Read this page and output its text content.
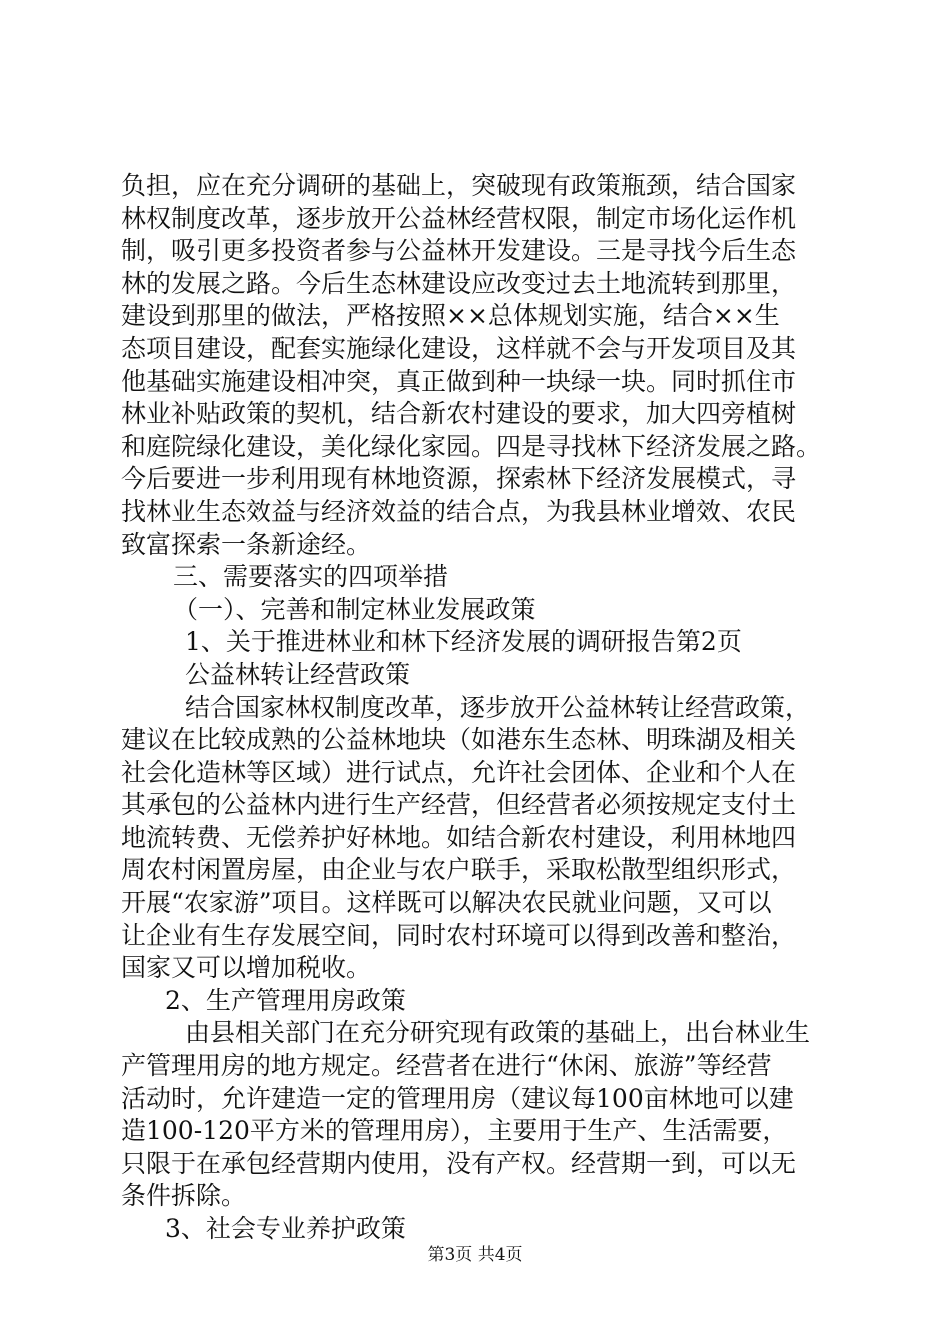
负担，应在充分调研的基础上，突破现有政策瓶颈，结合国家
林权制度改革，逐步放开公益林经营权限，制定市场化运作机
制，吸引更多投资者参与公益林开发建设。三是寻找今后生态
林的发展之路。今后生态林建设应改变过去土地流转到那里，
建设到那里的做法，严格按照××总体规划实施，结合××生
态项目建设，配套实施绿化建设，这样就不会与开发项目及其
他基础实施建设相冲突，真正做到种一块绿一块。同时抓住市
林业补贴政策的契机，结合新农村建设的要求，加大四旁植树
和庭院绿化建设，美化绿化家园。四是寻找林下经济发展之路。
今后要进一步利用现有林地资源，探索林下经济发展模式，寻
找林业生态效益与经济效益的结合点，为我县林业增效、农民
致富探索一条新途经。
三、需要落实的四项举措
（一）、完善和制定林业发展政策
1、关于推进林业和林下经济发展的调研报告第2页
公益林转让经营政策
结合国家林权制度改革，逐步放开公益林转让经营政策，
建议在比较成熟的公益林地块（如港东生态林、明珠湖及相关
社会化造林等区域）进行试点，允许社会团体、企业和个人在
其承包的公益林内进行生产经营，但经营者必须按规定支付土
地流转费、无偿养护好林地。如结合新农村建设，利用林地四
周农村闲置房屋，由企业与农户联手，采取松散型组织形式，
开展“农家游”项目。这样既可以解决农民就业问题，又可以
让企业有生存发展空间，同时农村环境可以得到改善和整治，
国家又可以增加税收。
2、生产管理用房政策
由县相关部门在充分研究现有政策的基础上，出台林业生
产管理用房的地方规定。经营者在进行“休闲、旅游”等经营
活动时，允许建造一定的管理用房（建议每100亩林地可以建
造100-120平方米的管理用房），主要用于生产、生活需要，
只限于在承包经营期内使用，没有产权。经营期一到，可以无
条件拆除。
3、社会专业养护政策
第3页 共4页
